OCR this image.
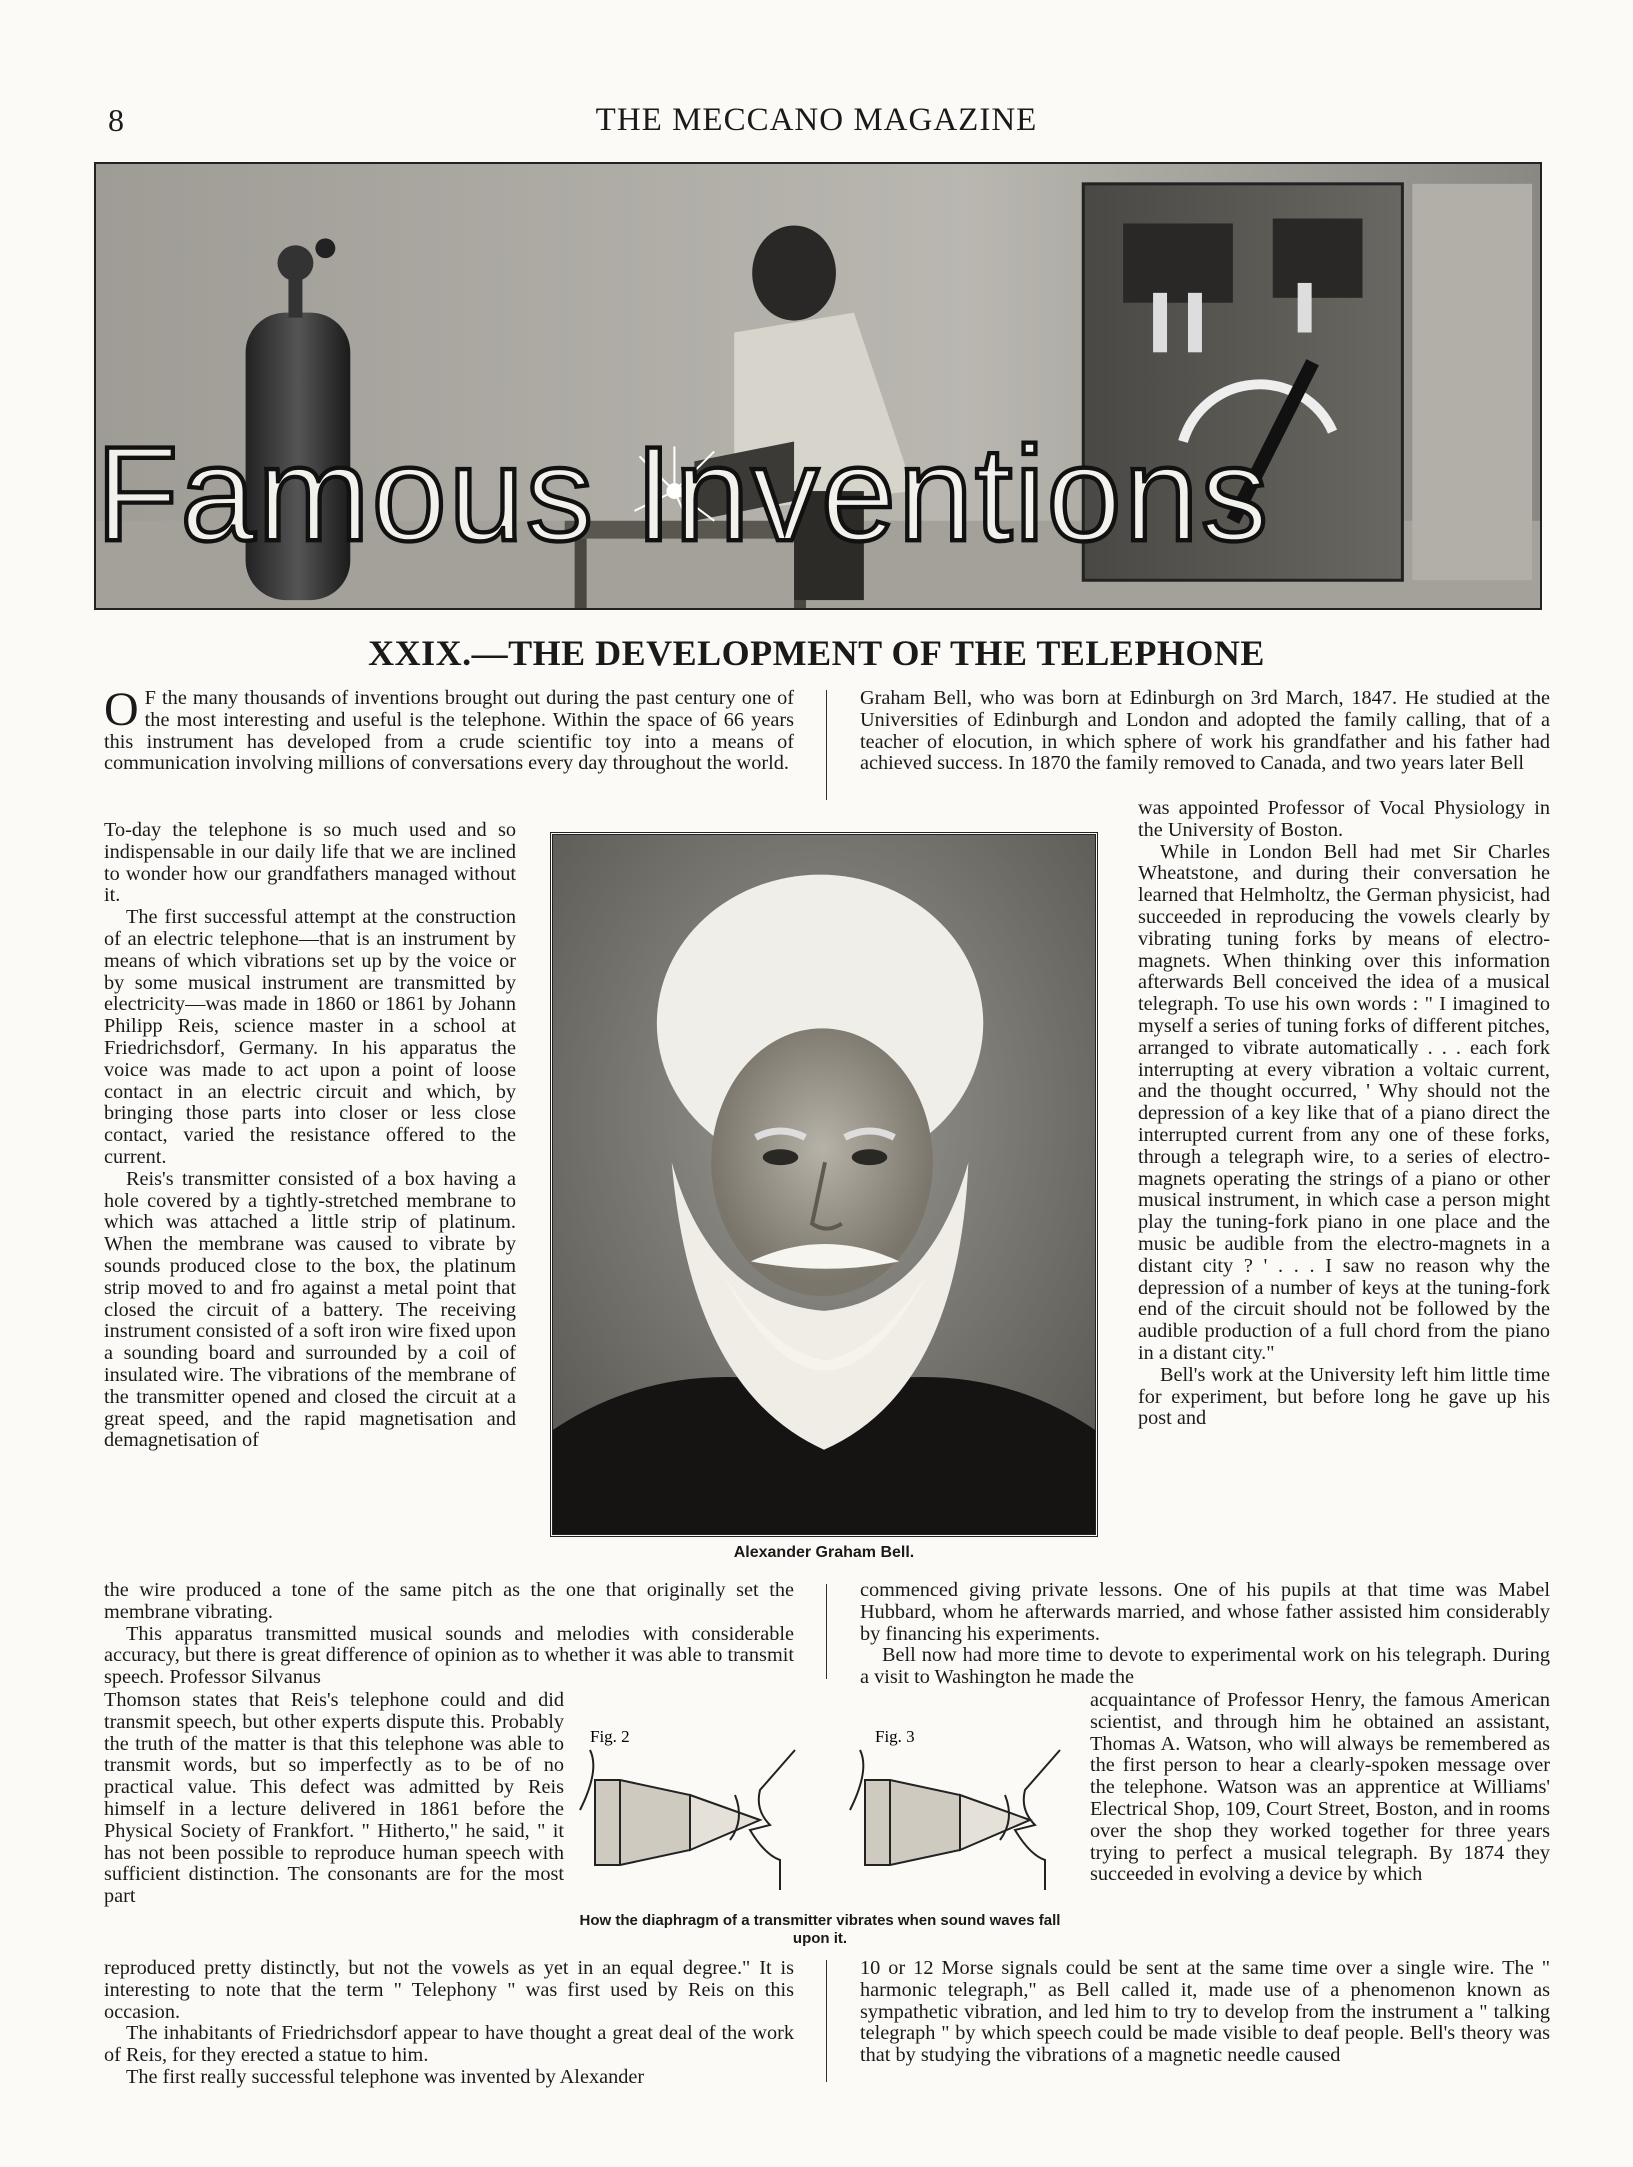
8	THE MECCANO MAGAZINE
Famous Inventions
XXIX.—THE DEVELOPMENT OF THE TELEPHONE

O F the many thousands of inventions brought out during the past century one of the most interesting and useful is the telephone. Within the space of 66 years this instrument has developed from a crude scientific toy into a means of communication involving millions of conversations every day throughout the world.

To-day the telephone is so much used and so indispensable in our daily life that we are inclined to wonder how our grandfathers managed without it.

The first successful attempt at the construction of an electric telephone—that is an instrument by means of which vibrations set up by the voice or by some musical instrument are transmitted by electricity—was made in 1860 or 1861 by Johann Philipp Reis, science master in a school at Friedrichsdorf, Germany. In his apparatus the voice was made to act upon a point of loose contact in an electric circuit and which, by bringing those parts into closer or less close contact, varied the resistance offered to the current.

Reis's transmitter consisted of a box having a hole covered by a tightly-stretched membrane to which was attached a little strip of platinum. When the membrane was caused to vibrate by sounds produced close to the box, the platinum strip moved to and fro against a metal point that closed the circuit of a battery. The receiving instrument consisted of a soft iron wire fixed upon a sounding board and surrounded by a coil of insulated wire. The vibrations of the membrane of the transmitter opened and closed the circuit at a great speed, and the rapid magnetisation and demagnetisation of

the wire produced a tone of the same pitch as the one that originally set the membrane vibrating.

This apparatus transmitted musical sounds and melodies with considerable accuracy, but there is great difference of opinion as to whether it was able to transmit speech. Professor Silvanus

Thomson states that Reis's telephone could and did transmit speech, but other experts dispute this. Probably the truth of the matter is that this telephone was able to transmit words, but so imperfectly as to be of no practical value. This defect was admitted by Reis himself in a lecture delivered in 1861 before the Physical Society of Frankfort. " Hitherto," he said, " it has not been possible to reproduce human speech with sufficient distinction. The consonants are for the most part

reproduced pretty distinctly, but not the vowels as yet in an equal degree." It is interesting to note that the term " Telephony " was first used by Reis on this occasion.

The inhabitants of Friedrichsdorf appear to have thought a great deal of the work of Reis, for they erected a statue to him.

The first really successful telephone was invented by Alexander

Graham Bell, who was born at Edinburgh on 3rd March, 1847. He studied at the Universities of Edinburgh and London and adopted the family calling, that of a teacher of elocution, in which sphere of work his grandfather and his father had achieved success. In 1870 the family removed to Canada, and two years later Bell

was appointed Professor of Vocal Physiology in the University of Boston.

While in London Bell had met Sir Charles Wheatstone, and during their conversation he learned that Helmholtz, the German physicist, had succeeded in reproducing the vowels clearly by vibrating tuning forks by means of electro-magnets. When thinking over this information afterwards Bell conceived the idea of a musical telegraph. To use his own words : " I imagined to myself a series of tuning forks of different pitches, arranged to vibrate automatically . . . each fork interrupting at every vibration a voltaic current, and the thought occurred, ' Why should not the depression of a key like that of a piano direct the interrupted current from any one of these forks, through a telegraph wire, to a series of electro-magnets operating the strings of a piano or other musical instrument, in which case a person might play the tuning-fork piano in one place and the music be audible from the electro-magnets in a distant city ? ' . . . I saw no reason why the depression of a number of keys at the tuning-fork end of the circuit should not be followed by the audible production of a full chord from the piano in a distant city."

Bell's work at the University left him little time for experiment, but before long he gave up his post and

commenced giving private lessons. One of his pupils at that time was Mabel Hubbard, whom he afterwards married, and whose father assisted him considerably by financing his experiments.

Bell now had more time to devote to experimental work on his telegraph. During a visit to Washington he made the

acquaintance of Professor Henry, the famous American scientist, and through him he obtained an assistant, Thomas A. Watson, who will always be remembered as the first person to hear a clearly-spoken message over the telephone. Watson was an apprentice at Williams' Electrical Shop, 109, Court Street, Boston, and in rooms over the shop they worked together for three years trying to perfect a musical telegraph. By 1874 they succeeded in evolving a device by which

10 or 12 Morse signals could be sent at the same time over a single wire. The " harmonic telegraph," as Bell called it, made use of a phenomenon known as sympathetic vibration, and led him to try to develop from the instrument a " talking telegraph " by which speech could be made visible to deaf people. Bell's theory was that by studying the vibrations of a magnetic needle caused

Alexander Graham Bell.
Fig. 2	Fig. 3
How the diaphragm of a transmitter vibrates when sound waves fall upon it.
